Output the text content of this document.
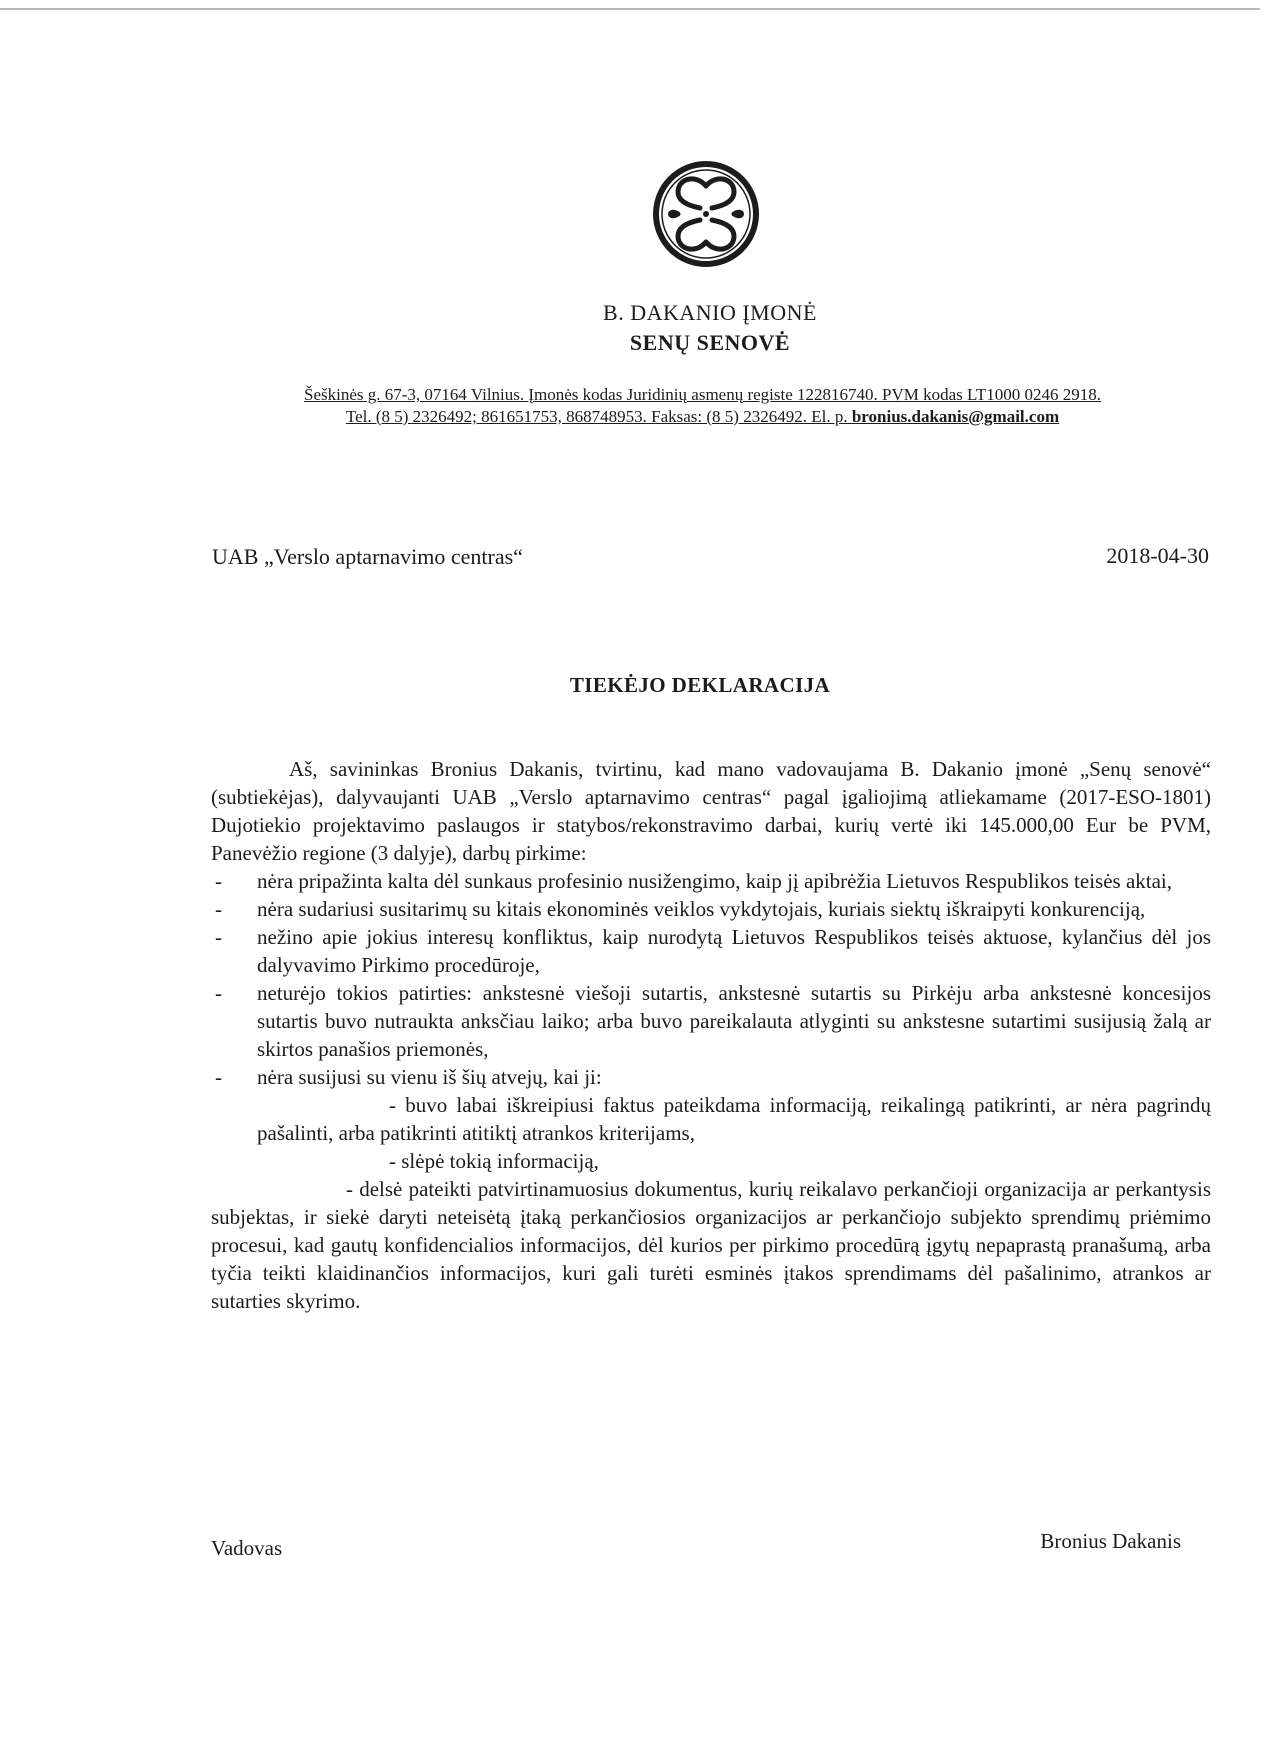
B. DAKANIO ĮMONĖ
SENŲ SENOVĖ
Šeškinės g. 67-3, 07164 Vilnius. Įmonės kodas Juridinių asmenų registe 122816740. PVM kodas LT1000 0246 2918.
Tel. (8 5) 2326492; 861651753, 868748953. Faksas: (8 5) 2326492. El. p. bronius.dakanis@gmail.com
UAB „Verslo aptarnavimo centras“	2018-04-30
TIEKĖJO DEKLARACIJA

Aš, savininkas Bronius Dakanis, tvirtinu, kad mano vadovaujama B. Dakanio įmonė „Senų senovė“ (subtiekėjas), dalyvaujanti UAB „Verslo aptarnavimo centras“ pagal įgaliojimą atliekamame (2017-ESO-1801) Dujotiekio projektavimo paslaugos ir statybos/rekonstravimo darbai, kurių vertė iki 145.000,00 Eur be PVM, Panevėžio regione (3 dalyje), darbų pirkime:

- nėra pripažinta kalta dėl sunkaus profesinio nusižengimo, kaip jį apibrėžia Lietuvos Respublikos teisės aktai,
- nėra sudariusi susitarimų su kitais ekonominės veiklos vykdytojais, kuriais siektų iškraipyti konkurenciją,
- nežino apie jokius interesų konfliktus, kaip nurodytą Lietuvos Respublikos teisės aktuose, kylančius dėl jos dalyvavimo Pirkimo procedūroje,
- neturėjo tokios patirties: ankstesnė viešoji sutartis, ankstesnė sutartis su Pirkėju arba ankstesnė koncesijos sutartis buvo nutraukta anksčiau laiko; arba buvo pareikalauta atlyginti su ankstesne sutartimi susijusią žalą ar skirtos panašios priemonės,
- nėra susijusi su vienu iš šių atvejų, kai ji:

- buvo labai iškreipiusi faktus pateikdama informaciją, reikalingą patikrinti, ar nėra pagrindų pašalinti, arba patikrinti atitiktį atrankos kriterijams,

- slėpė tokią informaciją,

- delsė pateikti patvirtinamuosius dokumentus, kurių reikalavo perkančioji organizacija ar perkantysis subjektas, ir siekė daryti neteisėtą įtaką perkančiosios organizacijos ar perkančiojo subjekto sprendimų priėmimo procesui, kad gautų konfidencialios informacijos, dėl kurios per pirkimo procedūrą įgytų nepaprastą pranašumą, arba tyčia teikti klaidinančios informacijos, kuri gali turėti esminės įtakos sprendimams dėl pašalinimo, atrankos ar sutarties skyrimo.

Vadovas	Bronius Dakanis
